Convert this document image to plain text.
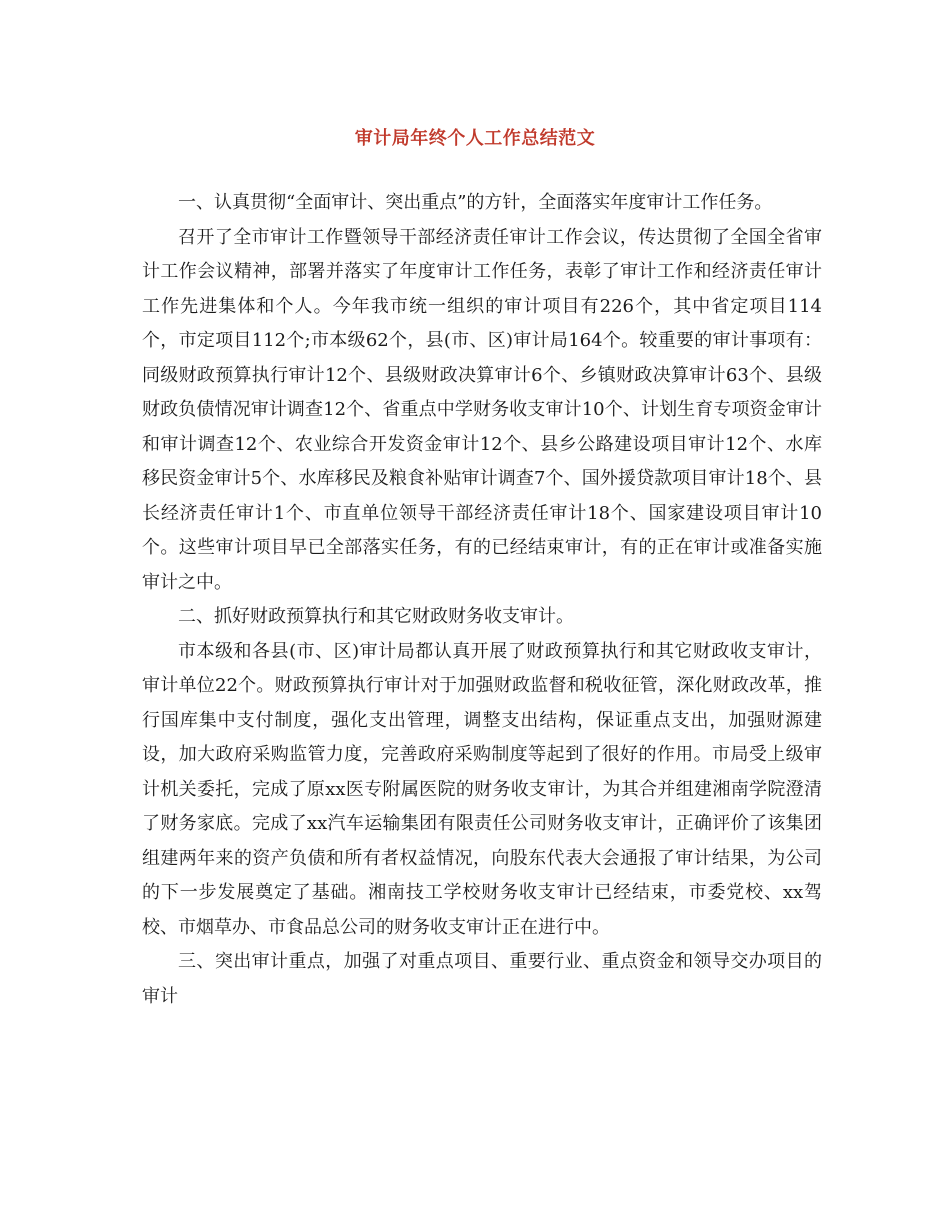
审计局年终个人工作总结范文

一、认真贯彻“全面审计、突出重点”的方针，全面落实年度审计工作任务。

召开了全市审计工作暨领导干部经济责任审计工作会议，传达贯彻了全国全省审计工作会议精神，部署并落实了年度审计工作任务，表彰了审计工作和经济责任审计工作先进集体和个人。今年我市统一组织的审计项目有226个，其中省定项目114个，市定项目112个;市本级62个，县(市、区)审计局164个。较重要的审计事项有：同级财政预算执行审计12个、县级财政决算审计6个、乡镇财政决算审计63个、县级财政负债情况审计调查12个、省重点中学财务收支审计10个、计划生育专项资金审计和审计调查12个、农业综合开发资金审计12个、县乡公路建设项目审计12个、水库移民资金审计5个、水库移民及粮食补贴审计调查7个、国外援贷款项目审计18个、县长经济责任审计1个、市直单位领导干部经济责任审计18个、国家建设项目审计10个。这些审计项目早已全部落实任务，有的已经结束审计，有的正在审计或准备实施审计之中。

二、抓好财政预算执行和其它财政财务收支审计。

市本级和各县(市、区)审计局都认真开展了财政预算执行和其它财政收支审计，审计单位22个。财政预算执行审计对于加强财政监督和税收征管，深化财政改革，推行国库集中支付制度，强化支出管理，调整支出结构，保证重点支出，加强财源建设，加大政府采购监管力度，完善政府采购制度等起到了很好的作用。市局受上级审计机关委托，完成了原xx医专附属医院的财务收支审计，为其合并组建湘南学院澄清了财务家底。完成了xx汽车运输集团有限责任公司财务收支审计，正确评价了该集团组建两年来的资产负债和所有者权益情况，向股东代表大会通报了审计结果，为公司的下一步发展奠定了基础。湘南技工学校财务收支审计已经结束，市委党校、xx驾校、市烟草办、市食品总公司的财务收支审计正在进行中。

三、突出审计重点，加强了对重点项目、重要行业、重点资金和领导交办项目的审计
